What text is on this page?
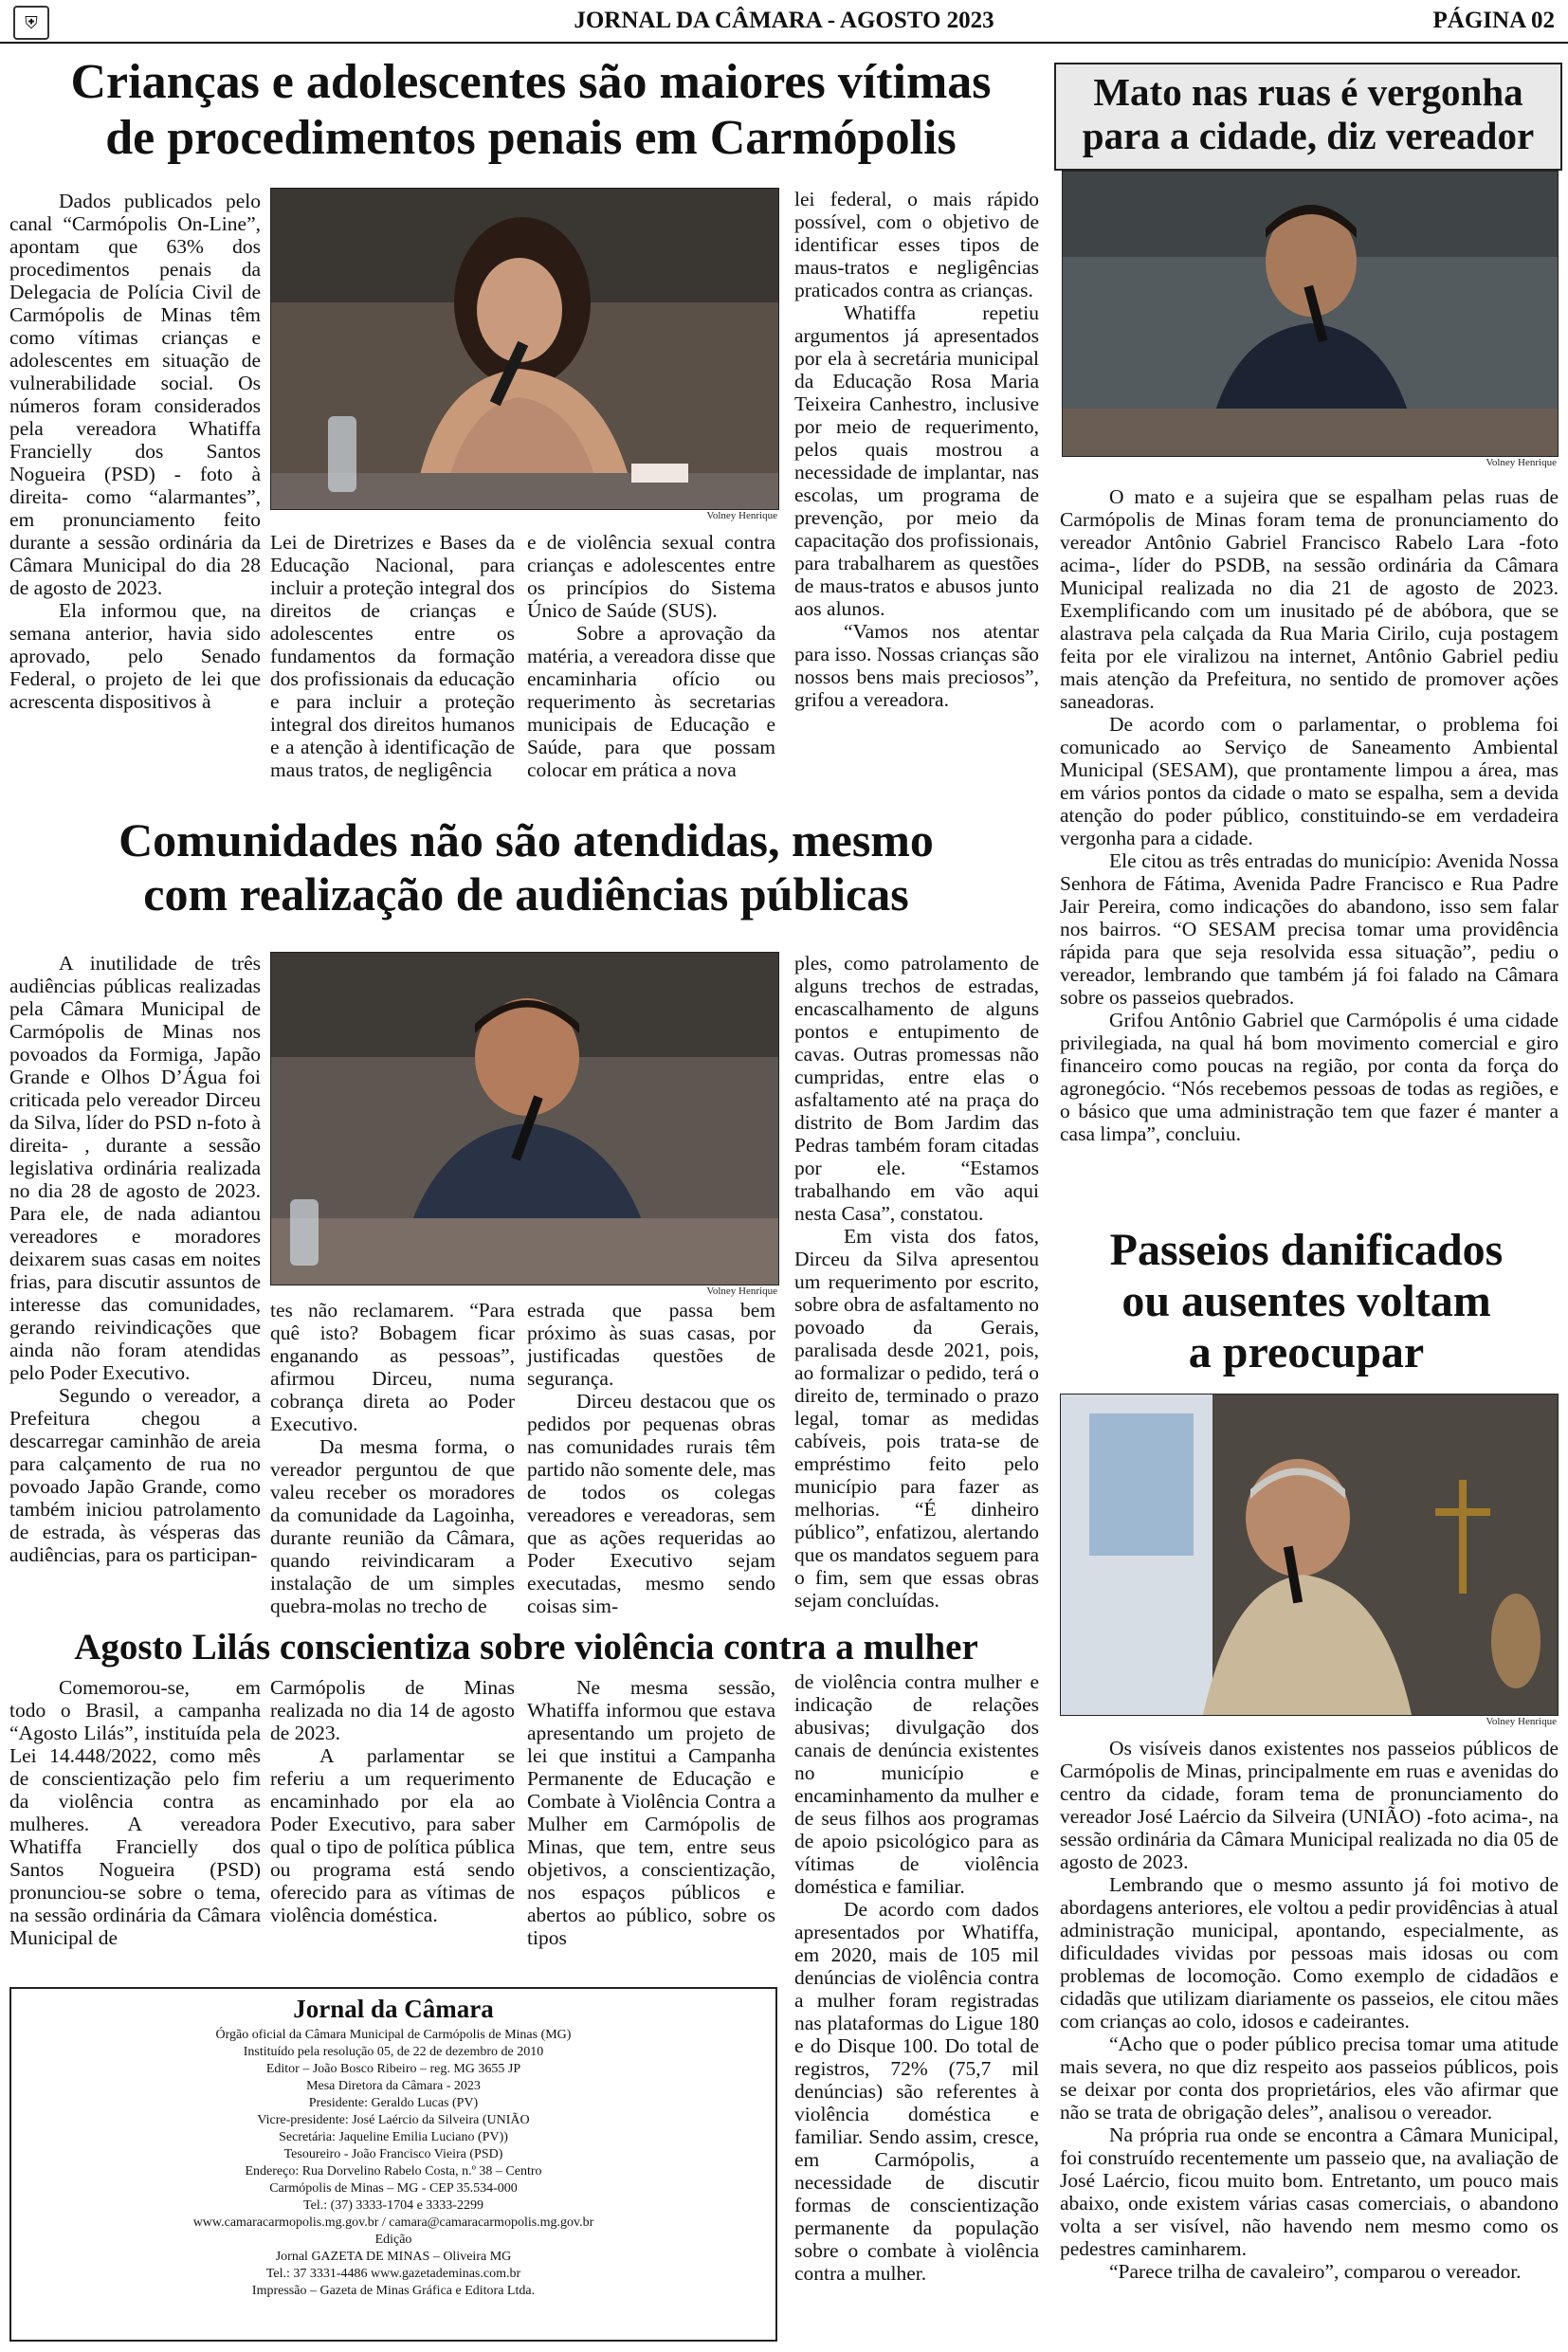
⛨	JORNAL DA CÂMARA - AGOSTO 2023	PÁGINA 02
Crianças e adolescentes são maiores vítimas
de procedimentos penais em Carmópolis

Dados publicados pelo canal “Carmópolis On-Line”, apontam que 63% dos procedimentos penais da Delegacia de Polícia Civil de Carmópolis de Minas têm como vítimas crianças e adolescentes em situação de vulnerabilidade social. Os números foram considerados pela vereadora Whatiffa Francielly dos Santos Nogueira (PSD) - foto à direita- como “alarmantes”, em pronunciamento feito durante a sessão ordinária da Câmara Municipal do dia 28 de agosto de 2023.

Ela informou que, na semana anterior, havia sido aprovado, pelo Senado Federal, o projeto de lei que acrescenta dispositivos à

Volney Henrique

Lei de Diretrizes e Bases da Educação Nacional, para incluir a proteção integral dos direitos de crianças e adolescentes entre os fundamentos da formação dos profissionais da educação e para incluir a proteção integral dos direitos humanos e a atenção à identificação de maus tratos, de negligência

e de violência sexual contra crianças e adolescentes entre os princípios do Sistema Único de Saúde (SUS).

Sobre a aprovação da matéria, a vereadora disse que encaminharia ofício ou requerimento às secretarias municipais de Educação e Saúde, para que possam colocar em prática a nova

lei federal, o mais rápido possível, com o objetivo de identificar esses tipos de maus-tratos e negligências praticados contra as crianças.

Whatiffa repetiu argumentos já apresentados por ela à secretária municipal da Educação Rosa Maria Teixeira Canhestro, inclusive por meio de requerimento, pelos quais mostrou a necessidade de implantar, nas escolas, um programa de prevenção, por meio da capacitação dos profissionais, para trabalharem as questões de maus-tratos e abusos junto aos alunos.

“Vamos nos atentar para isso. Nossas crianças são nossos bens mais preciosos”, grifou a vereadora.

Mato nas ruas é vergonha
para a cidade, diz vereador
Volney Henrique

O mato e a sujeira que se espalham pelas ruas de Carmópolis de Minas foram tema de pronunciamento do vereador Antônio Gabriel Francisco Rabelo Lara -foto acima-, líder do PSDB, na sessão ordinária da Câmara Municipal realizada no dia 21 de agosto de 2023. Exemplificando com um inusitado pé de abóbora, que se alastrava pela calçada da Rua Maria Cirilo, cuja postagem feita por ele viralizou na internet, Antônio Gabriel pediu mais atenção da Prefeitura, no sentido de promover ações saneadoras.

De acordo com o parlamentar, o problema foi comunicado ao Serviço de Saneamento Ambiental Municipal (SESAM), que prontamente limpou a área, mas em vários pontos da cidade o mato se espalha, sem a devida atenção do poder público, constituindo-se em verdadeira vergonha para a cidade.

Ele citou as três entradas do município: Avenida Nossa Senhora de Fátima, Avenida Padre Francisco e Rua Padre Jair Pereira, como indicações do abandono, isso sem falar nos bairros. “O SESAM precisa tomar uma providência rápida para que seja resolvida essa situação”, pediu o vereador, lembrando que também já foi falado na Câmara sobre os passeios quebrados.

Grifou Antônio Gabriel que Carmópolis é uma cidade privilegiada, na qual há bom movimento comercial e giro financeiro como poucas na região, por conta da força do agronegócio. “Nós recebemos pessoas de todas as regiões, e o básico que uma administração tem que fazer é manter a casa limpa”, concluiu.

Comunidades não são atendidas, mesmo
com realização de audiências públicas

A inutilidade de três audiências públicas realizadas pela Câmara Municipal de Carmópolis de Minas nos povoados da Formiga, Japão Grande e Olhos D’Água foi criticada pelo vereador Dirceu da Silva, líder do PSD n-foto à direita- , durante a sessão legislativa ordinária realizada no dia 28 de agosto de 2023. Para ele, de nada adiantou vereadores e moradores deixarem suas casas em noites frias, para discutir assuntos de interesse das comunidades, gerando reivindicações que ainda não foram atendidas pelo Poder Executivo.

Segundo o vereador, a Prefeitura chegou a descarregar caminhão de areia para calçamento de rua no povoado Japão Grande, como também iniciou patrolamento de estrada, às vésperas das audiências, para os participan-

Volney Henrique

tes não reclamarem. “Para quê isto? Bobagem ficar enganando as pessoas”, afirmou Dirceu, numa cobrança direta ao Poder Executivo.

Da mesma forma, o vereador perguntou de que valeu receber os moradores da comunidade da Lagoinha, durante reunião da Câmara, quando reivindicaram a instalação de um simples quebra-molas no trecho de

estrada que passa bem próximo às suas casas, por justificadas questões de segurança.

Dirceu destacou que os pedidos por pequenas obras nas comunidades rurais têm partido não somente dele, mas de todos os colegas vereadores e vereadoras, sem que as ações requeridas ao Poder Executivo sejam executadas, mesmo sendo coisas sim-

ples, como patrolamento de alguns trechos de estradas, encascalhamento de alguns pontos e entupimento de cavas. Outras promessas não cumpridas, entre elas o asfaltamento até na praça do distrito de Bom Jardim das Pedras também foram citadas por ele. “Estamos trabalhando em vão aqui nesta Casa”, constatou.

Em vista dos fatos, Dirceu da Silva apresentou um requerimento por escrito, sobre obra de asfaltamento no povoado da Gerais, paralisada desde 2021, pois, ao formalizar o pedido, terá o direito de, terminado o prazo legal, tomar as medidas cabíveis, pois trata-se de empréstimo feito pelo município para fazer as melhorias. “É dinheiro público”, enfatizou, alertando que os mandatos seguem para o fim, sem que essas obras sejam concluídas.

Passeios danificados
ou ausentes voltam
a preocupar
Volney Henrique

Os visíveis danos existentes nos passeios públicos de Carmópolis de Minas, principalmente em ruas e avenidas do centro da cidade, foram tema de pronunciamento do vereador José Laércio da Silveira (UNIÃO) -foto acima-, na sessão ordinária da Câmara Municipal realizada no dia 05 de agosto de 2023.

Lembrando que o mesmo assunto já foi motivo de abordagens anteriores, ele voltou a pedir providências à atual administração municipal, apontando, especialmente, as dificuldades vividas por pessoas mais idosas ou com problemas de locomoção. Como exemplo de cidadãos e cidadãs que utilizam diariamente os passeios, ele citou mães com crianças ao colo, idosos e cadeirantes.

“Acho que o poder público precisa tomar uma atitude mais severa, no que diz respeito aos passeios públicos, pois se deixar por conta dos proprietários, eles vão afirmar que não se trata de obrigação deles”, analisou o vereador.

Na própria rua onde se encontra a Câmara Municipal, foi construído recentemente um passeio que, na avaliação de José Laércio, ficou muito bom. Entretanto, um pouco mais abaixo, onde existem várias casas comerciais, o abandono volta a ser visível, não havendo nem mesmo como os pedestres caminharem.

“Parece trilha de cavaleiro”, comparou o vereador.

Agosto Lilás conscientiza sobre violência contra a mulher

Comemorou-se, em todo o Brasil, a campanha “Agosto Lilás”, instituída pela Lei 14.448/2022, como mês de conscientização pelo fim da violência contra as mulheres. A vereadora Whatiffa Francielly dos Santos Nogueira (PSD) pronunciou-se sobre o tema, na sessão ordinária da Câmara Municipal de

Carmópolis de Minas realizada no dia 14 de agosto de 2023.

A parlamentar se referiu a um requerimento encaminhado por ela ao Poder Executivo, para saber qual o tipo de política pública ou programa está sendo oferecido para as vítimas de violência doméstica.

Ne mesma sessão, Whatiffa informou que estava apresentando um projeto de lei que institui a Campanha Permanente de Educação e Combate à Violência Contra a Mulher em Carmópolis de Minas, que tem, entre seus objetivos, a conscientização, nos espaços públicos e abertos ao público, sobre os tipos

de violência contra mulher e indicação de relações abusivas; divulgação dos canais de denúncia existentes no município e encaminhamento da mulher e de seus filhos aos programas de apoio psicológico para as vítimas de violência doméstica e familiar.

De acordo com dados apresentados por Whatiffa, em 2020, mais de 105 mil denúncias de violência contra a mulher foram registradas nas plataformas do Ligue 180 e do Disque 100. Do total de registros, 72% (75,7 mil denúncias) são referentes à violência doméstica e familiar. Sendo assim, cresce, em Carmópolis, a necessidade de discutir formas de conscientização permanente da população sobre o combate à violência contra a mulher.

Jornal da Câmara
Órgão oficial da Câmara Municipal de Carmópolis de Minas (MG)
Instituído pela resolução 05, de 22 de dezembro de 2010
Editor – João Bosco Ribeiro – reg. MG 3655 JP
Mesa Diretora da Câmara - 2023
Presidente: Geraldo Lucas (PV)
Vicre-presidente: José Laércio da Silveira (UNIÃO
Secretária: Jaqueline Emilia Luciano (PV))
Tesoureiro - João Francisco Vieira (PSD)
Endereço: Rua Dorvelino Rabelo Costa, n.º 38 – Centro
Carmópolis de Minas – MG - CEP 35.534-000
Tel.: (37) 3333-1704 e 3333-2299
www.camaracarmopolis.mg.gov.br / camara@camaracarmopolis.mg.gov.br
Edição
Jornal GAZETA DE MINAS – Oliveira MG
Tel.: 37 3331-4486 www.gazetademinas.com.br
Impressão – Gazeta de Minas Gráfica e Editora Ltda.
